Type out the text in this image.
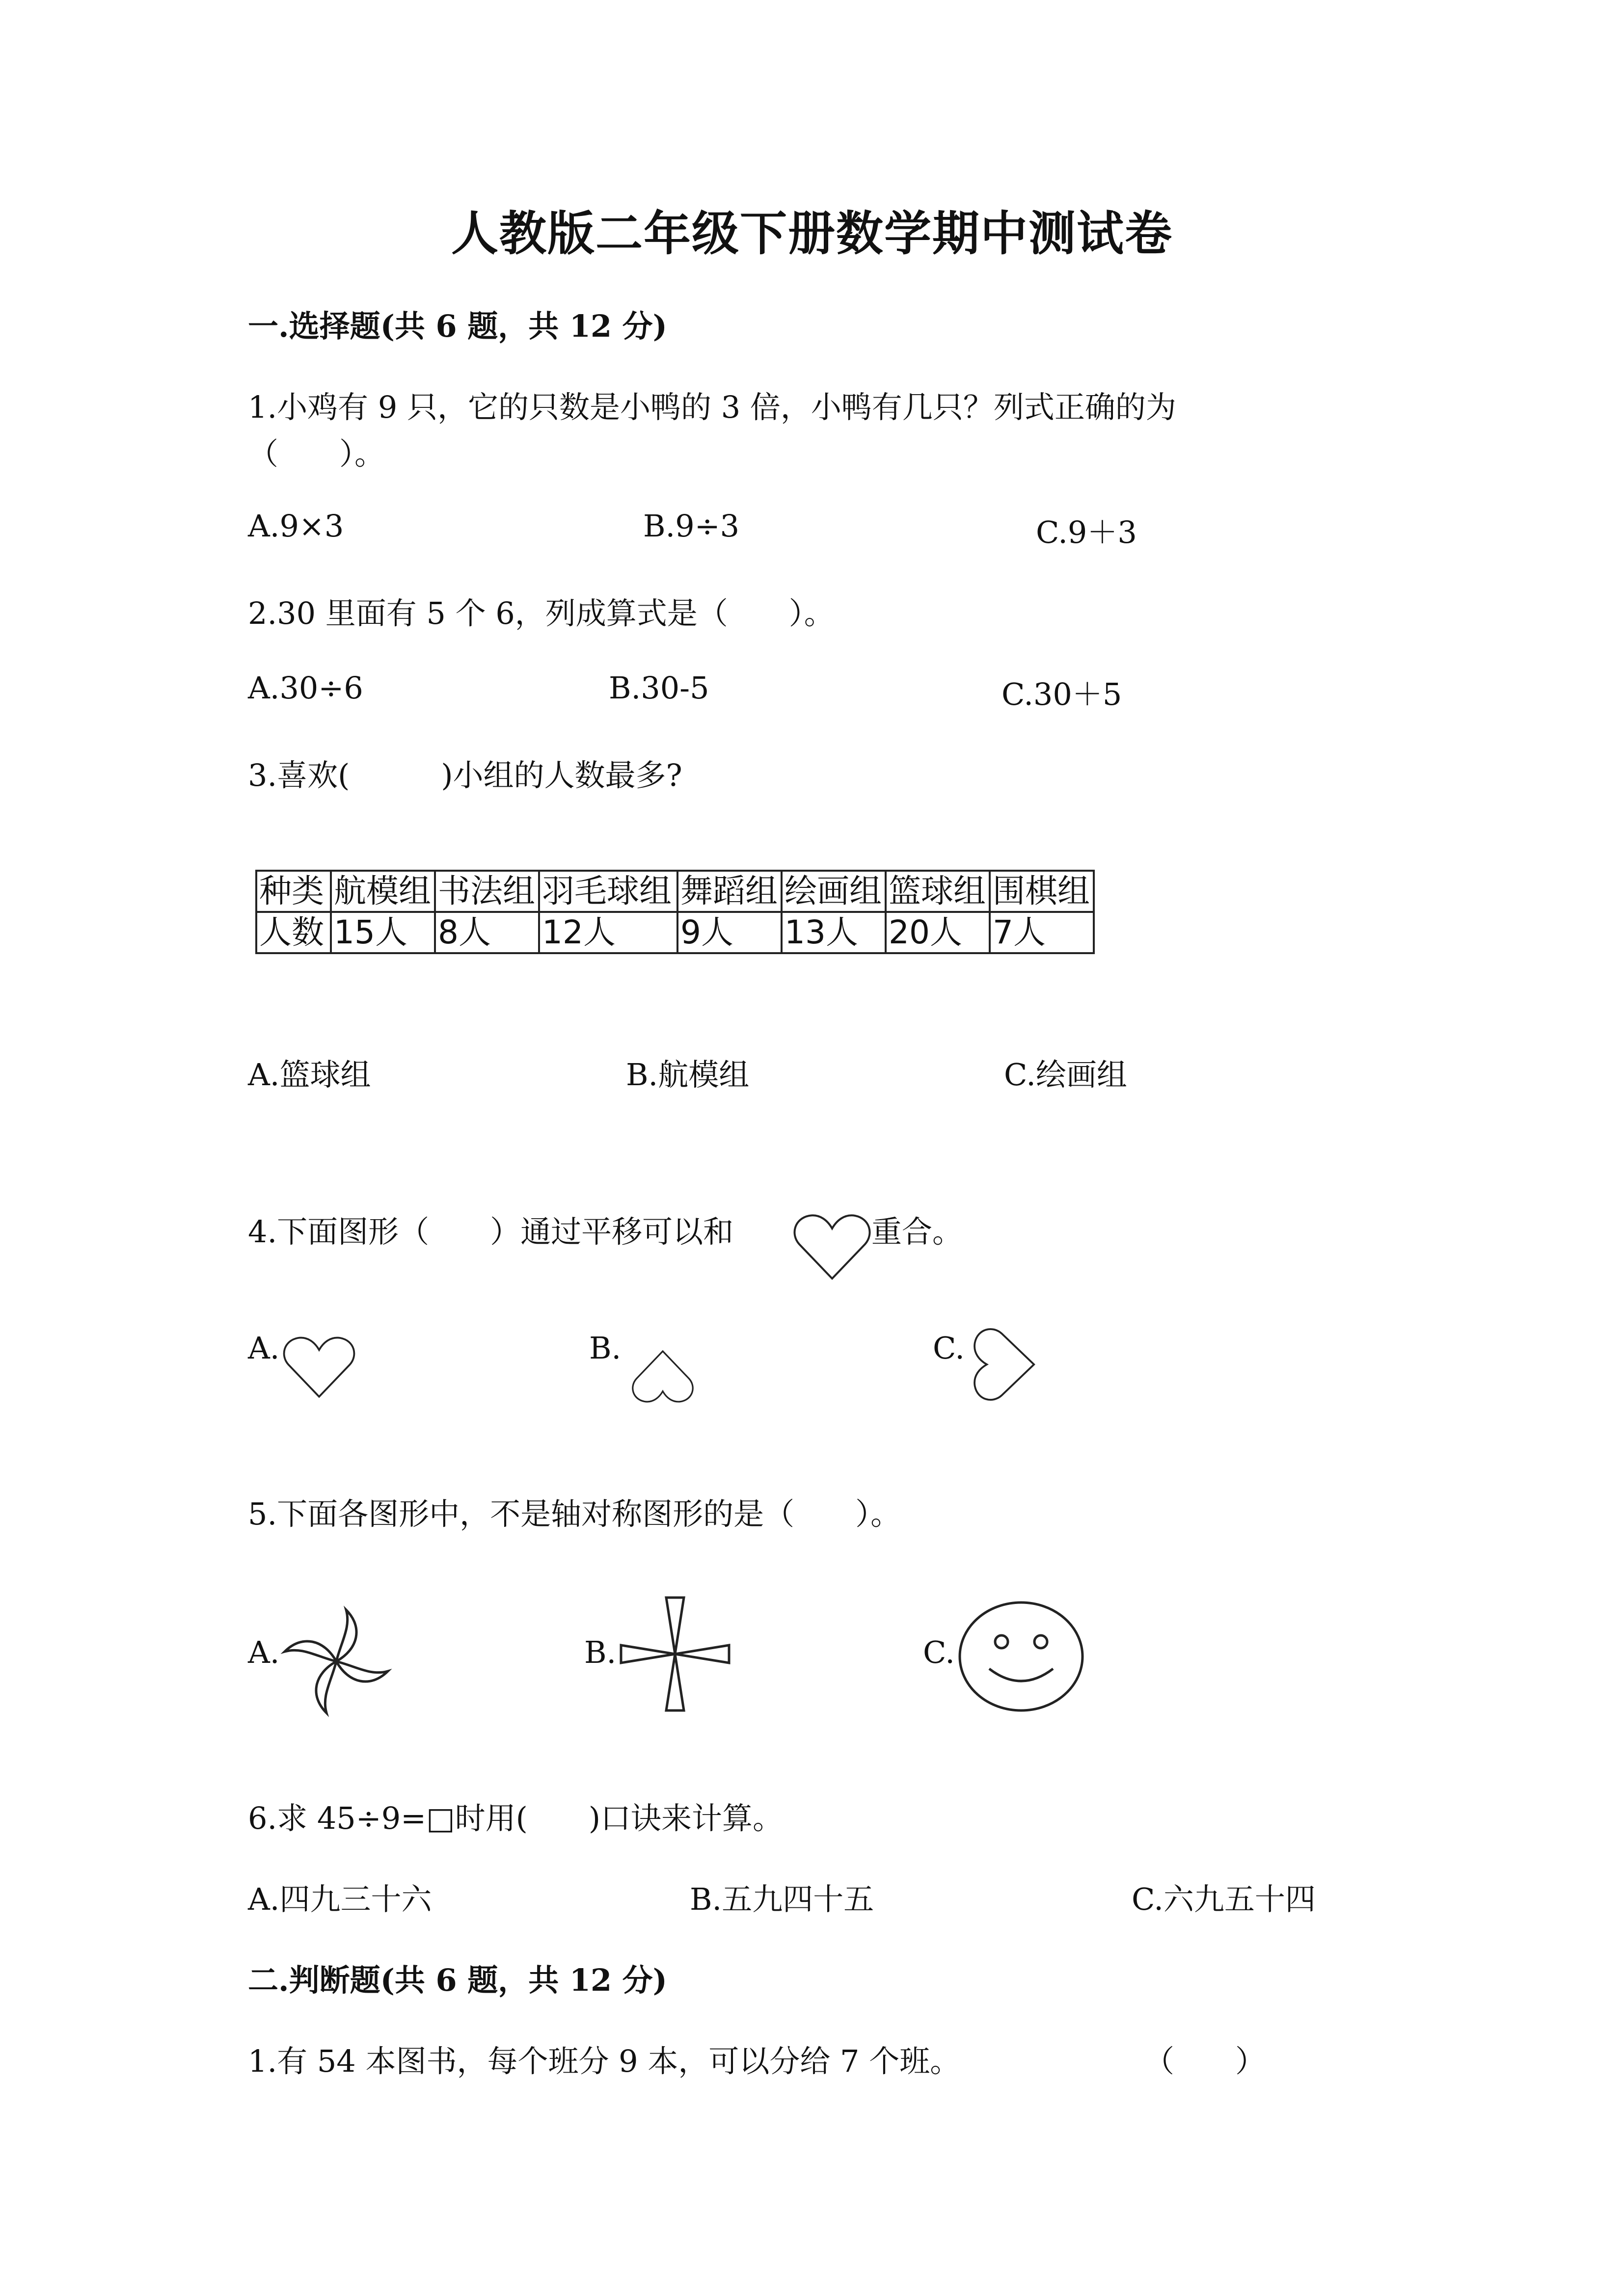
人教版二年级下册数学期中测试卷
一.选择题(共 6 题，共 12 分)
1.小鸡有 9 只，它的只数是小鸭的 3 倍，小鸭有几只？列式正确的为
（　　）。
A.9×3	B.9÷3	C.9＋3
2.30 里面有 5 个 6，列成算式是（　　）。
A.30÷6	B.30-5	C.30＋5
3.喜欢(　　　)小组的人数最多?
种类	航模组	书法组	羽毛球组	舞蹈组	绘画组	篮球组	围棋组
人数	15人	8人	12人	9人	13人	20人	7人
A.篮球组	B.航模组	C.绘画组
4.下面图形（　　）通过平移可以和	重合。
A.	B.	C.
5.下面各图形中，不是轴对称图形的是（　　）。
A.	B.	C.
6.求 45÷9=□时用(　　)口诀来计算。
A.四九三十六	B.五九四十五	C.六九五十四
二.判断题(共 6 题，共 12 分)
1.有 54 本图书，每个班分 9 本，可以分给 7 个班。	（　　）
